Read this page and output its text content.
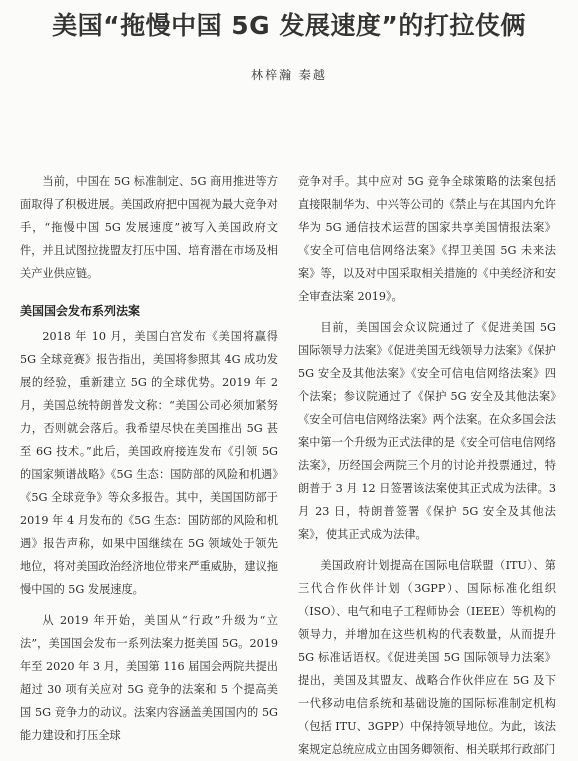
美国“拖慢中国 5G 发展速度”的打拉伎俩
林梓瀚 秦越

当前，中国在 5G 标准制定、5G 商用推进等方面取得了积极进展。美国政府把中国视为最大竞争对手，“拖慢中国 5G 发展速度”被写入美国政府文件，并且试图拉拢盟友打压中国、培育潜在市场及相关产业供应链。

美国国会发布系列法案

2018 年 10 月，美国白宫发布《美国将赢得 5G 全球竞赛》报告指出，美国将参照其 4G 成功发展的经验，重新建立 5G 的全球优势。2019 年 2 月，美国总统特朗普发文称：“美国公司必须加紧努力，否则就会落后。我希望尽快在美国推出 5G 甚至 6G 技术。”此后，美国政府接连发布《引领 5G 的国家频谱战略》《5G 生态：国防部的风险和机遇》《5G 全球竞争》等众多报告。其中，美国国防部于 2019 年 4 月发布的《5G 生态：国防部的风险和机遇》报告声称，如果中国继续在 5G 领域处于领先地位，将对美国政治经济地位带来严重威胁，建议拖慢中国的 5G 发展速度。

从 2019 年开始，美国从“行政”升级为“立法”，美国国会发布一系列法案力挺美国 5G。2019 年至 2020 年 3 月，美国第 116 届国会两院共提出超过 30 项有关应对 5G 竞争的法案和 5 个提高美国 5G 竞争力的动议。法案内容涵盖美国国内的 5G 能力建设和打压全球

竞争对手。其中应对 5G 竞争全球策略的法案包括直接限制华为、中兴等公司的《禁止与在其国内允许华为 5G 通信技术运营的国家共享美国情报法案》《安全可信电信网络法案》《捍卫美国 5G 未来法案》等，以及对中国采取相关措施的《中美经济和安全审查法案 2019》。

目前，美国国会众议院通过了《促进美国 5G 国际领导力法案》《促进美国无线领导力法案》《保护 5G 安全及其他法案》《安全可信电信网络法案》四个法案；参议院通过了《保护 5G 安全及其他法案》《安全可信电信网络法案》两个法案。在众多国会法案中第一个升级为正式法律的是《安全可信电信网络法案》，历经国会两院三个月的讨论并投票通过，特朗普于 3 月 12 日签署该法案使其正式成为法律。3 月 23 日，特朗普签署《保护 5G 安全及其他法案》，使其正式成为法律。

美国政府计划提高在国际电信联盟（ITU）、第三代合作伙伴计划（3GPP）、国际标准化组织（ISO）、电气和电子工程师协会（IEEE）等机构的领导力，并增加在这些机构的代表数量，从而提升 5G 标准话语权。《促进美国 5G 国际领导力法案》提出，美国及其盟友、战略合作伙伴应在 5G 及下一代移动电信系统和基础设施的国际标准制定机构（包括 ITU、3GPP）中保持领导地位。为此，该法案规定总统应成立由国务卿领衔、相关联邦行政部门
